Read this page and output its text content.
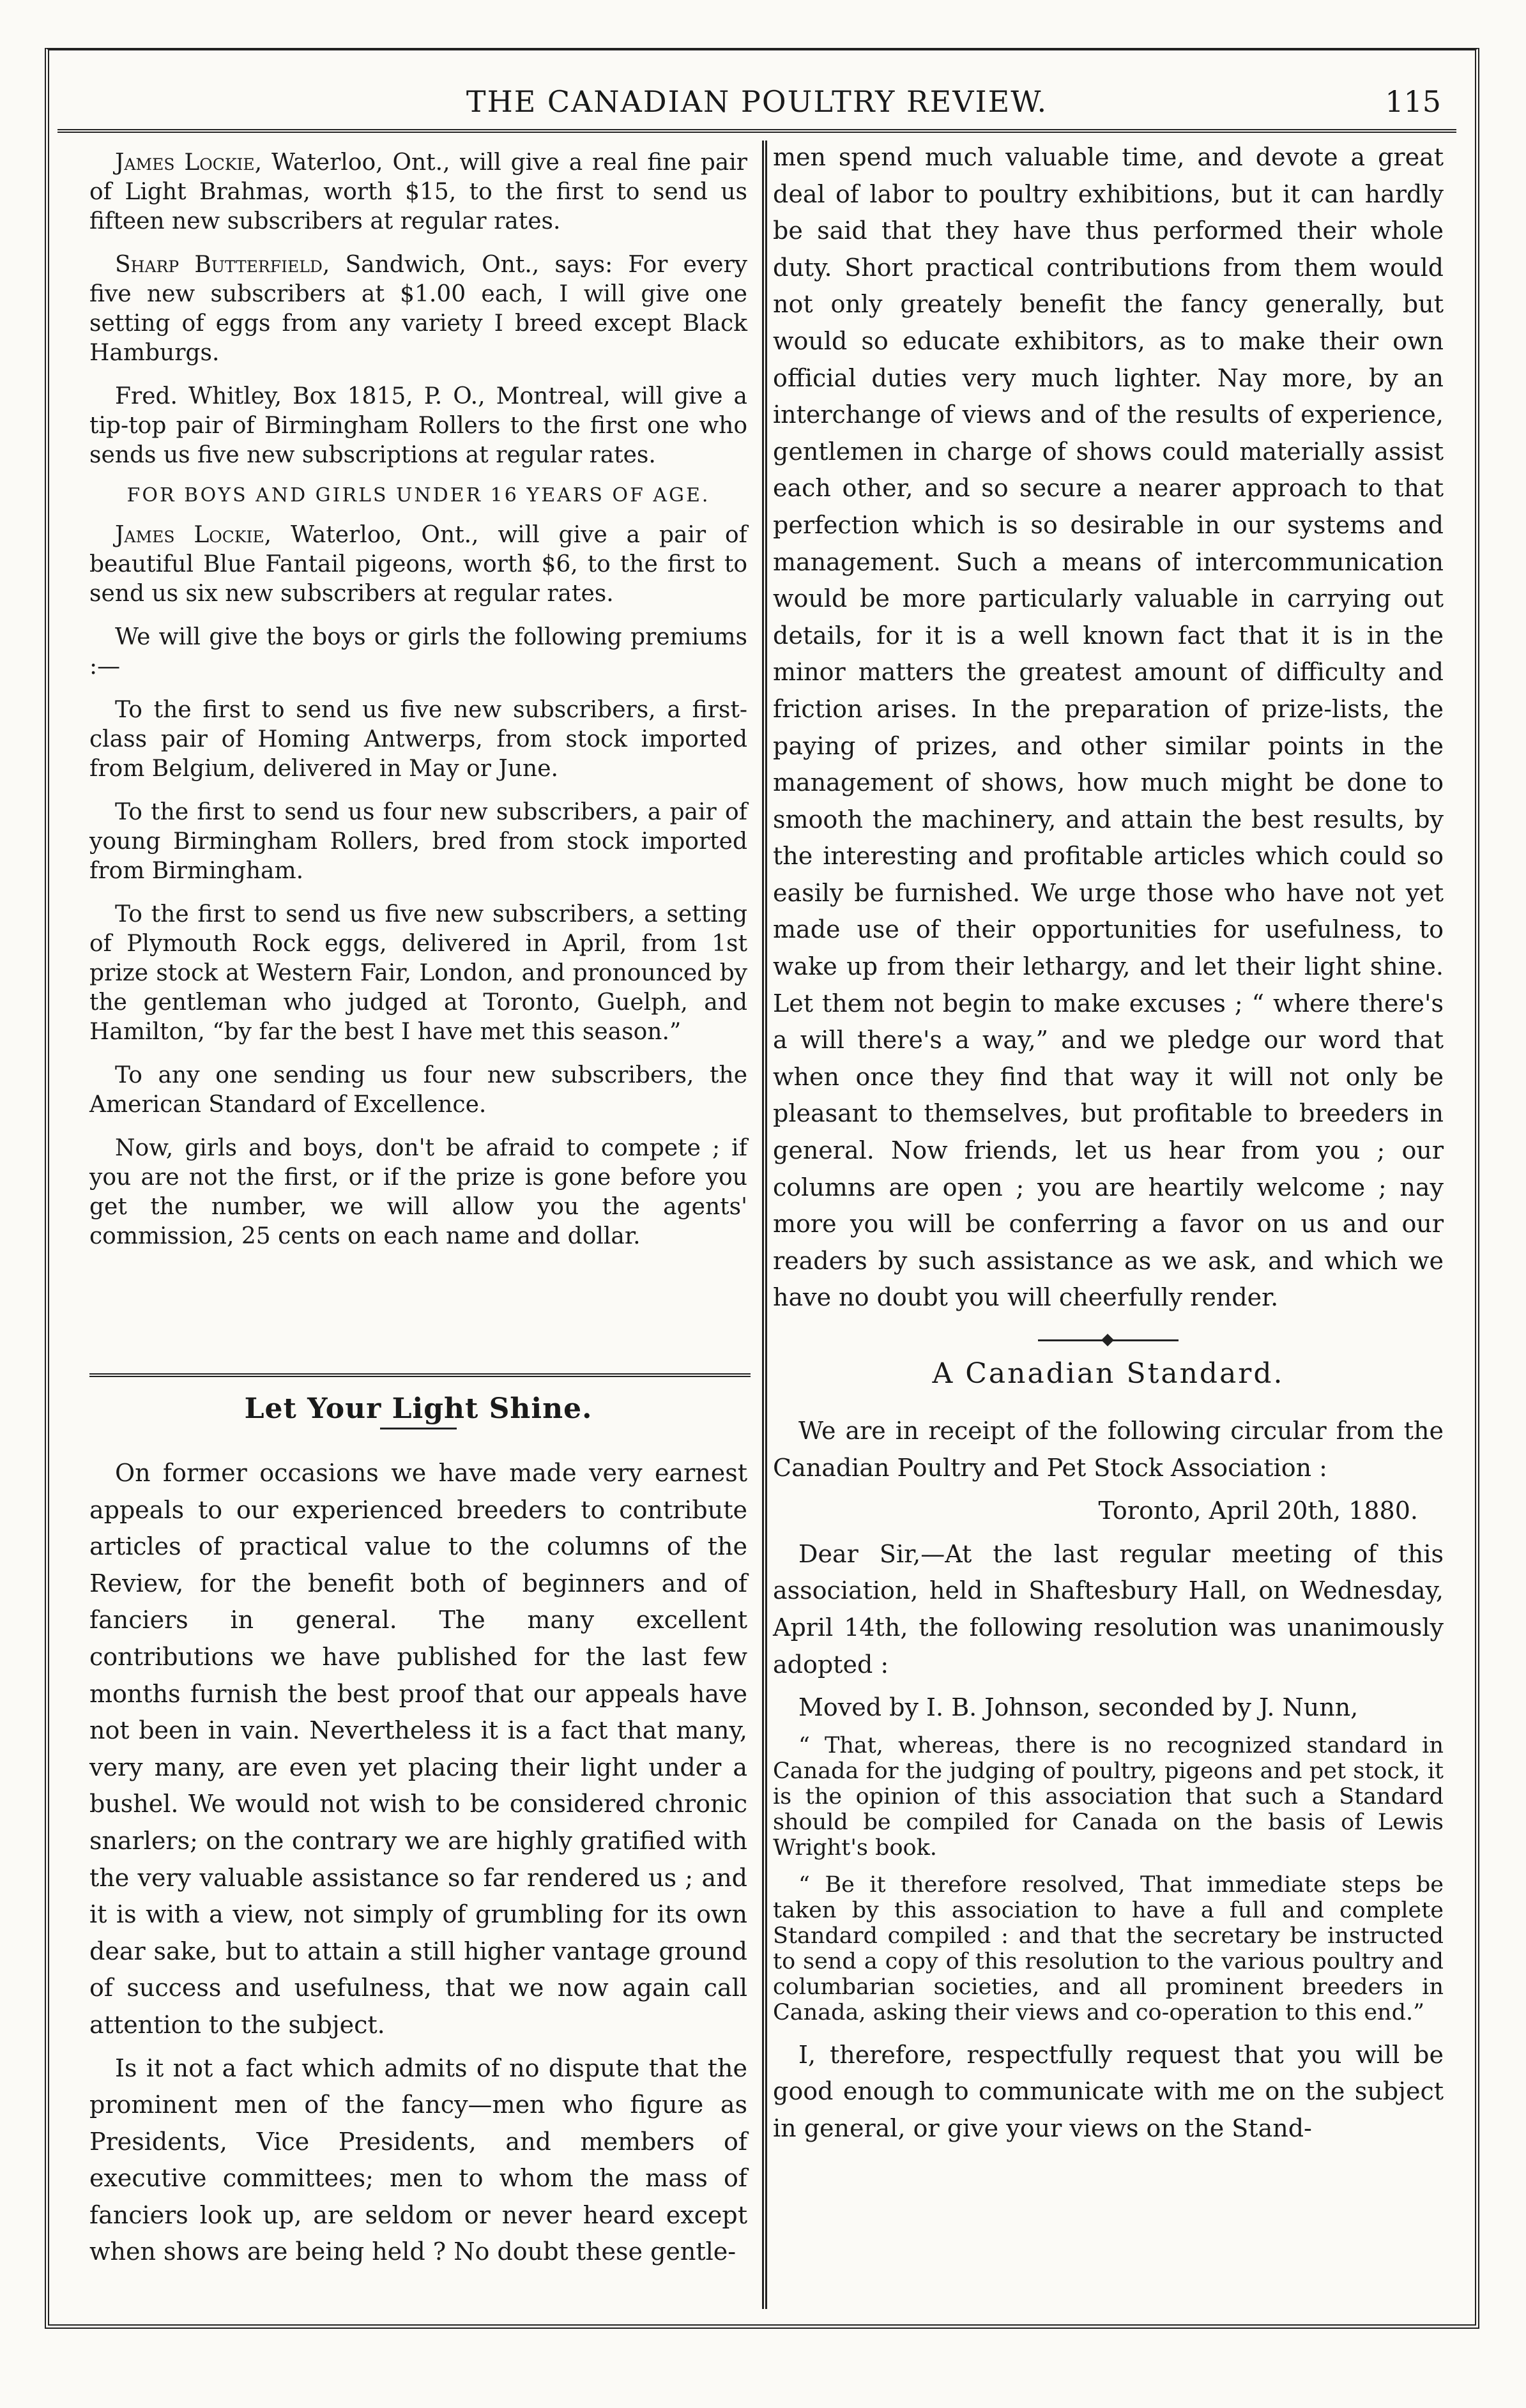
THE CANADIAN POULTRY REVIEW.	115

James Lockie, Waterloo, Ont., will give a real fine pair of Light Brahmas, worth $15, to the first to send us fifteen new subscribers at regular rates.

Sharp Butterfield, Sandwich, Ont., says: For every five new subscribers at $1.00 each, I will give one setting of eggs from any variety I breed except Black Hamburgs.

Fred. Whitley, Box 1815, P. O., Montreal, will give a tip-top pair of Birmingham Rollers to the first one who sends us five new subscriptions at regular rates.

FOR BOYS AND GIRLS UNDER 16 YEARS OF AGE.

James Lockie, Waterloo, Ont., will give a pair of beautiful Blue Fantail pigeons, worth $6, to the first to send us six new subscribers at regular rates.

We will give the boys or girls the following premiums :—

To the first to send us five new subscribers, a first-class pair of Homing Antwerps, from stock imported from Belgium, delivered in May or June.

To the first to send us four new subscribers, a pair of young Birmingham Rollers, bred from stock imported from Birmingham.

To the first to send us five new subscribers, a setting of Plymouth Rock eggs, delivered in April, from 1st prize stock at Western Fair, London, and pronounced by the gentleman who judged at Toronto, Guelph, and Hamilton, “by far the best I have met this season.”

To any one sending us four new subscribers, the American Standard of Excellence.

Now, girls and boys, don't be afraid to compete ; if you are not the first, or if the prize is gone before you get the number, we will allow you the agents' commission, 25 cents on each name and dollar.

Let Your Light Shine.

On former occasions we have made very earnest appeals to our experienced breeders to contribute articles of practical value to the columns of the Review, for the benefit both of beginners and of fanciers in general. The many excellent contributions we have published for the last few months furnish the best proof that our appeals have not been in vain. Nevertheless it is a fact that many, very many, are even yet placing their light under a bushel. We would not wish to be considered chronic snarlers; on the contrary we are highly gratified with the very valuable assistance so far rendered us ; and it is with a view, not simply of grumbling for its own dear sake, but to attain a still higher vantage ground of success and usefulness, that we now again call attention to the subject.

Is it not a fact which admits of no dispute that the prominent men of the fancy—men who figure as Presidents, Vice Presidents, and members of executive committees; men to whom the mass of fanciers look up, are seldom or never heard except when shows are being held ? No doubt these gentle-

men spend much valuable time, and devote a great deal of labor to poultry exhibitions, but it can hardly be said that they have thus performed their whole duty. Short practical contributions from them would not only greately benefit the fancy generally, but would so educate exhibitors, as to make their own official duties very much lighter. Nay more, by an interchange of views and of the results of experience, gentlemen in charge of shows could materially assist each other, and so secure a nearer approach to that perfection which is so desirable in our systems and management. Such a means of intercommunication would be more particularly valuable in carrying out details, for it is a well known fact that it is in the minor matters the greatest amount of difficulty and friction arises. In the preparation of prize-lists, the paying of prizes, and other similar points in the management of shows, how much might be done to smooth the machinery, and attain the best results, by the interesting and profitable articles which could so easily be furnished. We urge those who have not yet made use of their opportunities for usefulness, to wake up from their lethargy, and let their light shine. Let them not begin to make excuses ; “ where there's a will there's a way,” and we pledge our word that when once they find that way it will not only be pleasant to themselves, but profitable to breeders in general. Now friends, let us hear from you ; our columns are open ; you are heartily welcome ; nay more you will be conferring a favor on us and our readers by such assistance as we ask, and which we have no doubt you will cheerfully render.

A Canadian Standard.

We are in receipt of the following circular from the Canadian Poultry and Pet Stock Association :

Toronto, April 20th, 1880.

Dear Sir,—At the last regular meeting of this association, held in Shaftesbury Hall, on Wednesday, April 14th, the following resolution was unanimously adopted :

Moved by I. B. Johnson, seconded by J. Nunn,

“ That, whereas, there is no recognized standard in Canada for the judging of poultry, pigeons and pet stock, it is the opinion of this association that such a Standard should be compiled for Canada on the basis of Lewis Wright's book.

“ Be it therefore resolved, That immediate steps be taken by this association to have a full and complete Standard compiled : and that the secretary be instructed to send a copy of this resolution to the various poultry and columbarian societies, and all prominent breeders in Canada, asking their views and co-operation to this end.”

I, therefore, respectfully request that you will be good enough to communicate with me on the subject in general, or give your views on the Stand-
